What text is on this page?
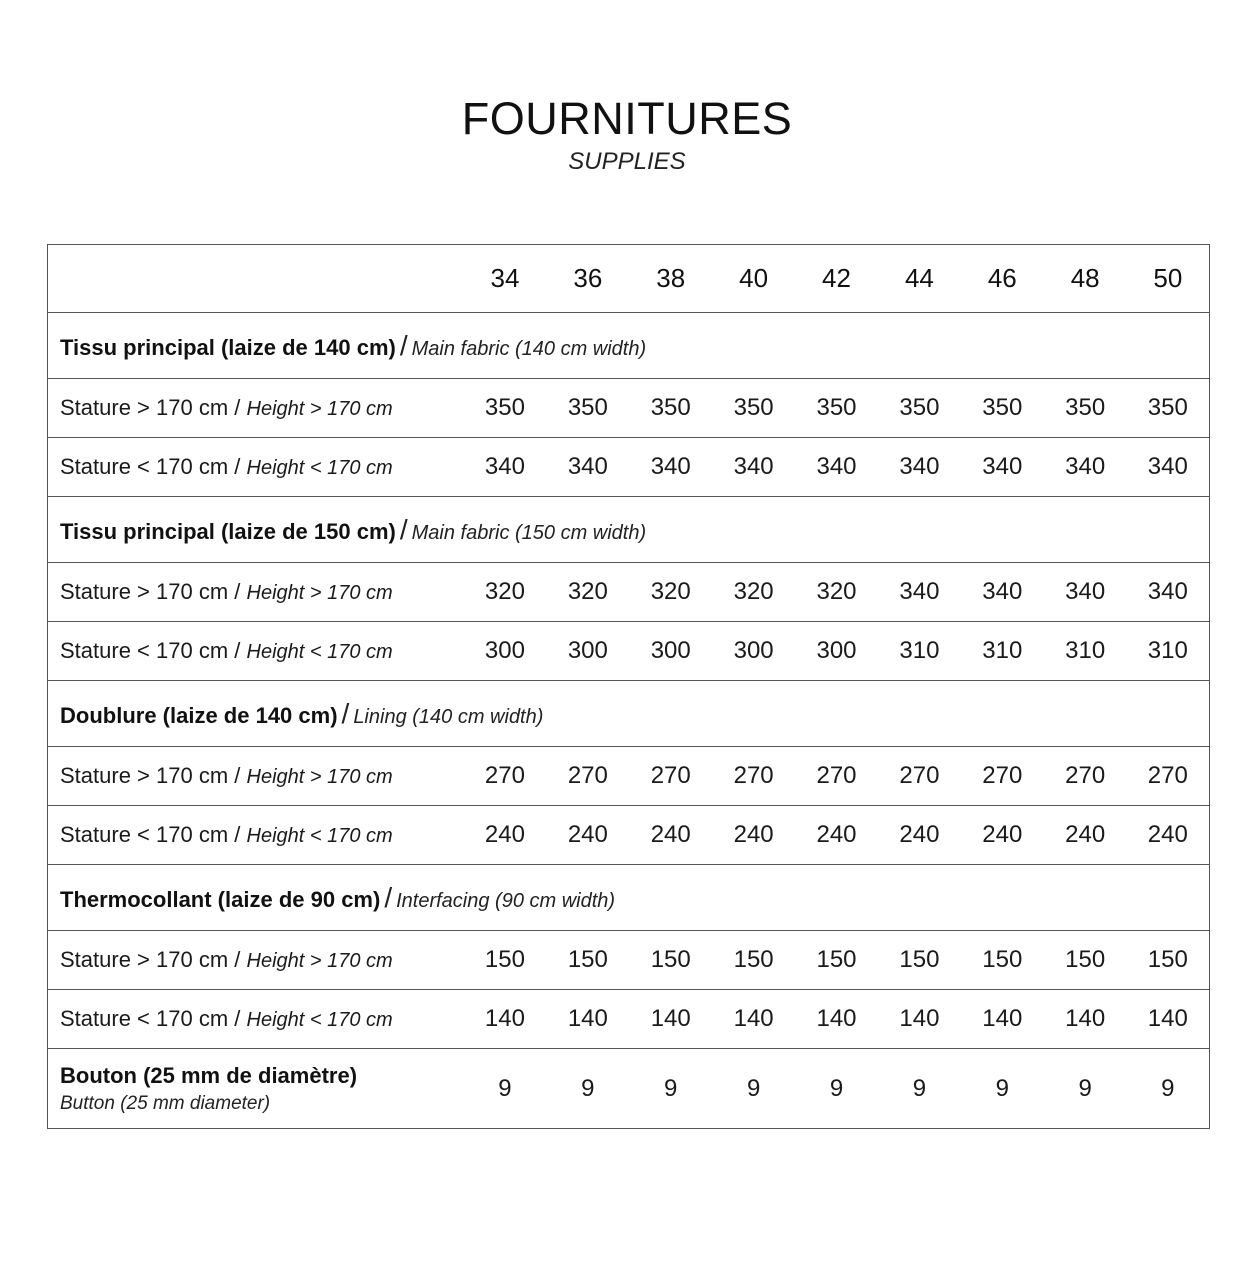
FOURNITURES
SUPPLIES
	34	36	38	40	42	44	46	48	50
Tissu principal (laize de 140 cm) / Main fabric (140 cm width)									
Stature > 170 cm / Height > 170 cm	350	350	350	350	350	350	350	350	350
Stature < 170 cm / Height < 170 cm	340	340	340	340	340	340	340	340	340
Tissu principal (laize de 150 cm) / Main fabric (150 cm width)									
Stature > 170 cm / Height > 170 cm	320	320	320	320	320	340	340	340	340
Stature < 170 cm / Height < 170 cm	300	300	300	300	300	310	310	310	310
Doublure (laize de 140 cm) / Lining (140 cm width)									
Stature > 170 cm / Height > 170 cm	270	270	270	270	270	270	270	270	270
Stature < 170 cm / Height < 170 cm	240	240	240	240	240	240	240	240	240
Thermocollant (laize de 90 cm) / Interfacing (90 cm width)									
Stature > 170 cm / Height > 170 cm	150	150	150	150	150	150	150	150	150
Stature < 170 cm / Height < 170 cm	140	140	140	140	140	140	140	140	140

Bouton (25 mm de diamètre)
Button (25 mm diameter)	9	9	9	9	9	9	9	9	9
